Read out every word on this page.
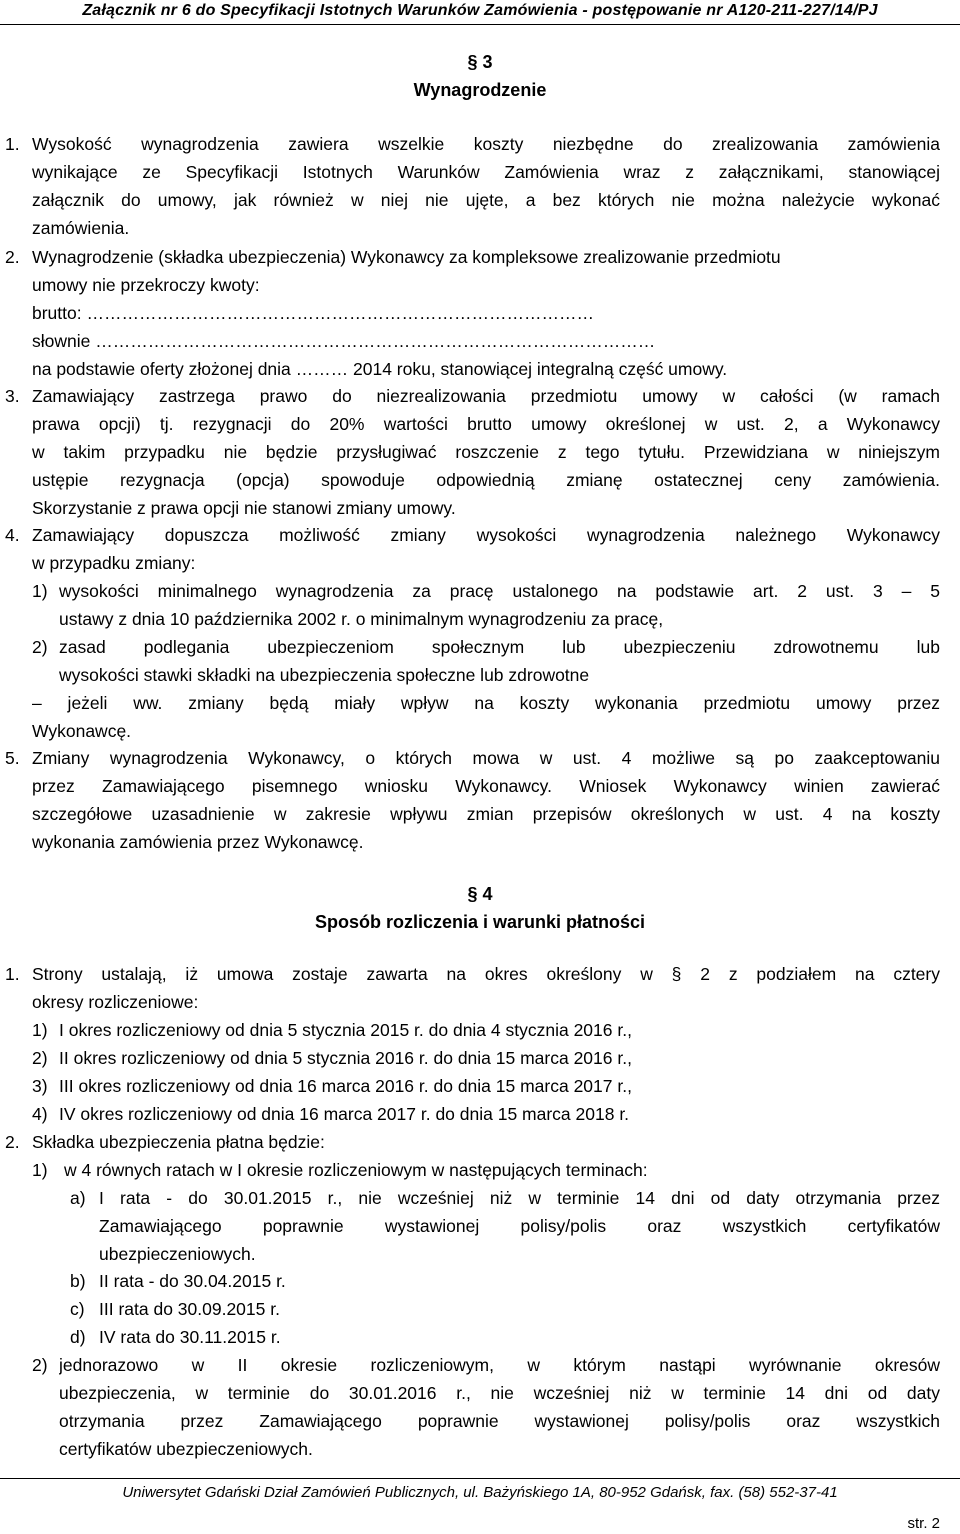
Załącznik nr 6 do Specyfikacji Istotnych Warunków Zamówienia - postępowanie nr A120-211-227/14/PJ
§ 3
Wynagrodzenie
1. Wysokość wynagrodzenia zawiera wszelkie koszty niezbędne do zrealizowania zamówienia
wynikające ze Specyfikacji Istotnych Warunków Zamówienia wraz z załącznikami, stanowiącej
załącznik do umowy, jak również w niej nie ujęte, a bez których nie można należycie wykonać
zamówienia.
2. Wynagrodzenie (składka ubezpieczenia) Wykonawcy za kompleksowe zrealizowanie przedmiotu
umowy nie przekroczy kwoty:
brutto: ……………………………………………………………………………
słownie ……………………………………………………………………………………
na podstawie oferty złożonej dnia ……… 2014 roku, stanowiącej integralną część umowy.
3. Zamawiający zastrzega prawo do niezrealizowania przedmiotu umowy w całości (w ramach
prawa opcji) tj. rezygnacji do 20% wartości brutto umowy określonej w ust. 2, a Wykonawcy
w takim przypadku nie będzie przysługiwać roszczenie z tego tytułu. Przewidziana w niniejszym
ustępie rezygnacja (opcja) spowoduje odpowiednią zmianę ostatecznej ceny zamówienia.
Skorzystanie z prawa opcji nie stanowi zmiany umowy.
4. Zamawiający dopuszcza możliwość zmiany wysokości wynagrodzenia należnego Wykonawcy
w przypadku zmiany:
1) wysokości minimalnego wynagrodzenia za pracę ustalonego na podstawie art. 2 ust. 3 – 5
ustawy z dnia 10 października 2002 r. o minimalnym wynagrodzeniu za pracę,
2) zasad podlegania ubezpieczeniom społecznym lub ubezpieczeniu zdrowotnemu lub
wysokości stawki składki na ubezpieczenia społeczne lub zdrowotne
– jeżeli ww. zmiany będą miały wpływ na koszty wykonania przedmiotu umowy przez
Wykonawcę.
5. Zmiany wynagrodzenia Wykonawcy, o których mowa w ust. 4 możliwe są po zaakceptowaniu
przez Zamawiającego pisemnego wniosku Wykonawcy. Wniosek Wykonawcy winien zawierać
szczegółowe uzasadnienie w zakresie wpływu zmian przepisów określonych w ust. 4 na koszty
wykonania zamówienia przez Wykonawcę.
§ 4
Sposób rozliczenia i warunki płatności
1. Strony ustalają, iż umowa zostaje zawarta na okres określony w § 2 z podziałem na cztery
okresy rozliczeniowe:
1) I okres rozliczeniowy od dnia 5 stycznia 2015 r. do dnia 4 stycznia 2016 r.,
2) II okres rozliczeniowy od dnia 5 stycznia 2016 r. do dnia 15 marca 2016 r.,
3) III okres rozliczeniowy od dnia 16 marca 2016 r. do dnia 15 marca 2017 r.,
4) IV okres rozliczeniowy od dnia 16 marca 2017 r. do dnia 15 marca 2018 r.
2. Składka ubezpieczenia płatna będzie:
1) w 4 równych ratach w I okresie rozliczeniowym w następujących terminach:
a) I rata - do 30.01.2015 r., nie wcześniej niż w terminie 14 dni od daty otrzymania przez
Zamawiającego poprawnie wystawionej polisy/polis oraz wszystkich certyfikatów
ubezpieczeniowych.
b) II rata - do 30.04.2015 r.
c) III rata do 30.09.2015 r.
d) IV rata do 30.11.2015 r.
2) jednorazowo w II okresie rozliczeniowym, w którym nastąpi wyrównanie okresów
ubezpieczenia, w terminie do 30.01.2016 r., nie wcześniej niż w terminie 14 dni od daty
otrzymania przez Zamawiającego poprawnie wystawionej polisy/polis oraz wszystkich
certyfikatów ubezpieczeniowych.
Uniwersytet Gdański Dział Zamówień Publicznych, ul. Bażyńskiego 1A, 80-952 Gdańsk, fax. (58) 552-37-41
str. 2
